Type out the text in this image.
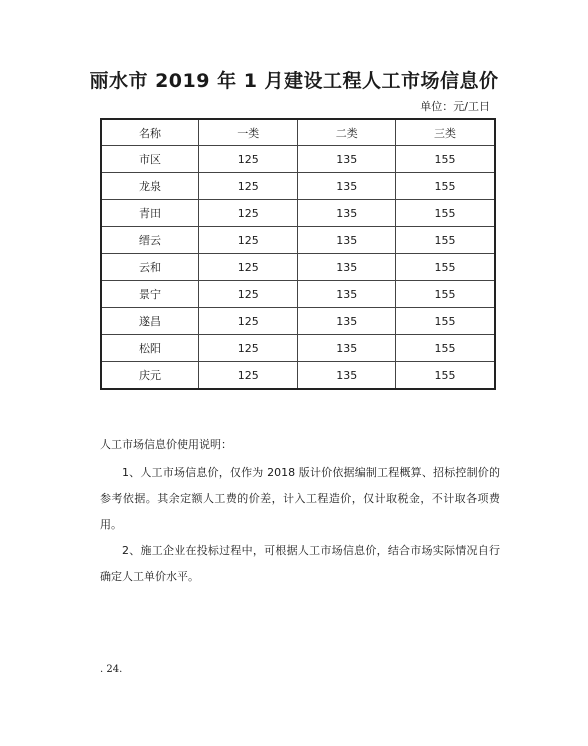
丽水市 2019 年 1 月建设工程人工市场信息价
单位：元/工日
名称	一类	二类	三类
市区	125	135	155
龙泉	125	135	155
青田	125	135	155
缙云	125	135	155
云和	125	135	155
景宁	125	135	155
遂昌	125	135	155
松阳	125	135	155
庆元	125	135	155

人工市场信息价使用说明：

1、人工市场信息价，仅作为 2018 版计价依据编制工程概算、招标控制价的参考依据。其余定额人工费的价差，计入工程造价，仅计取税金，不计取各项费用。

2、施工企业在投标过程中，可根据人工市场信息价，结合市场实际情况自行确定人工单价水平。

. 24.
